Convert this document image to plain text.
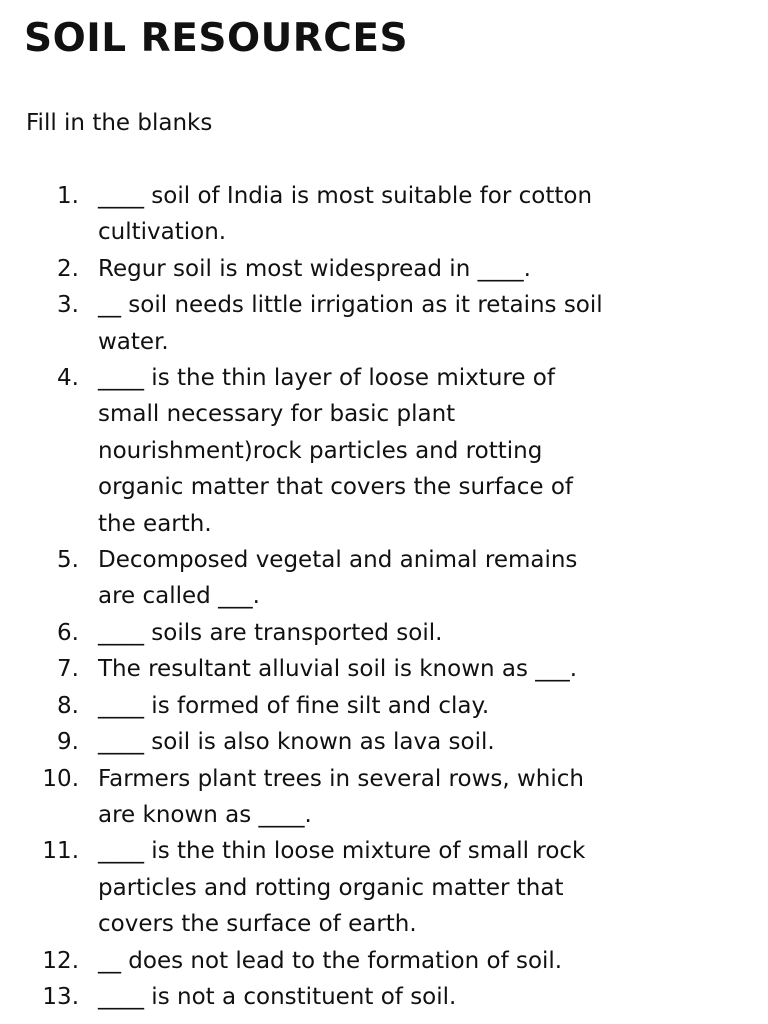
SOIL RESOURCES

Fill in the blanks

1. ____ soil of India is most suitable for cotton
cultivation.
2. Regur soil is most widespread in ____.
3. __ soil needs little irrigation as it retains soil
water.
4. ____ is the thin layer of loose mixture of
small necessary for basic plant
nourishment)rock particles and rotting
organic matter that covers the surface of
the earth.
5. Decomposed vegetal and animal remains
are called ___.
6. ____ soils are transported soil.
7. The resultant alluvial soil is known as ___.
8. ____ is formed of fine silt and clay.
9. ____ soil is also known as lava soil.
10. Farmers plant trees in several rows, which
are known as ____.
11. ____ is the thin loose mixture of small rock
particles and rotting organic matter that
covers the surface of earth.
12. __ does not lead to the formation of soil.
13. ____ is not a constituent of soil.
